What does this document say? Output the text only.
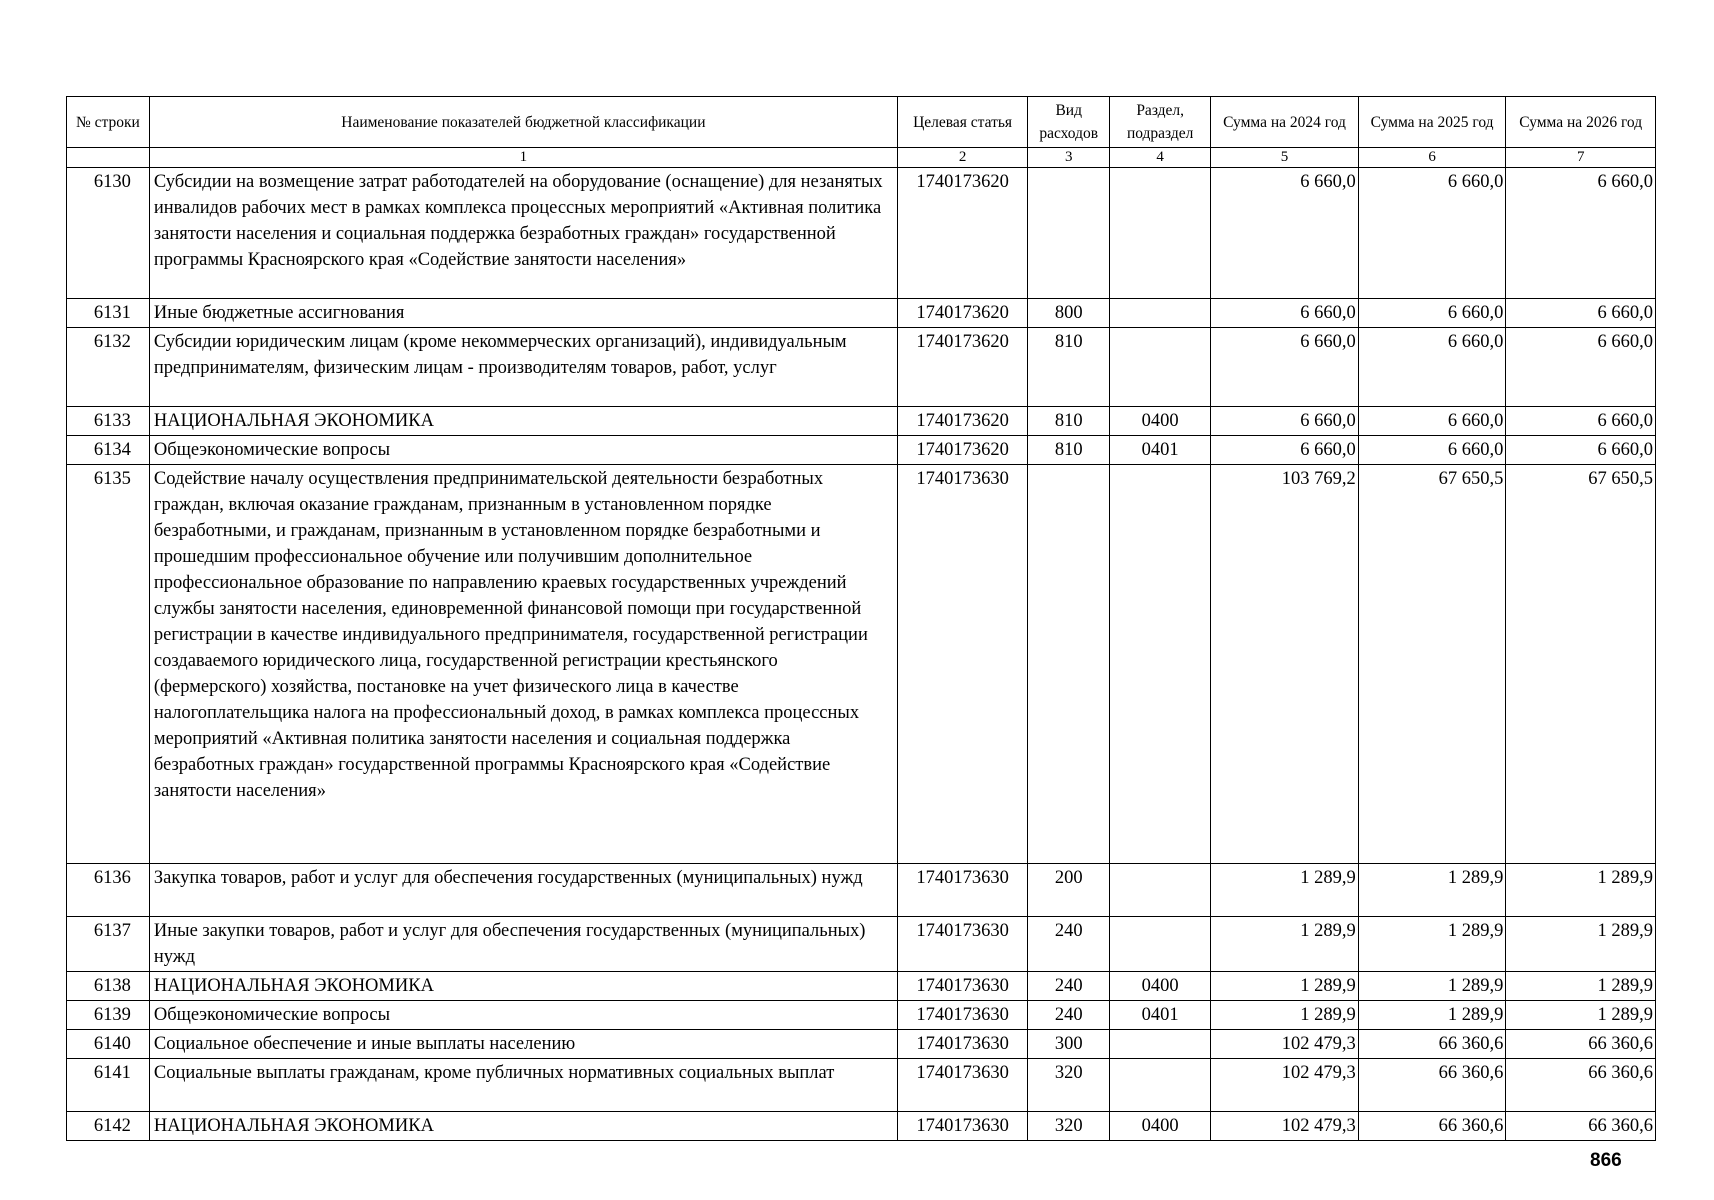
№ строки	Наименование показателей бюджетной классификации	Целевая статья	Вид расходов	Раздел, подраздел	Сумма на 2024 год	Сумма на 2025 год	Сумма на 2026 год
	1	2	3	4	5	6	7
6130	Субсидии на возмещение затрат работодателей на оборудование (оснащение) для незанятых инвалидов рабочих мест в рамках комплекса процессных мероприятий «Активная политика занятости населения и социальная поддержка безработных граждан» государственной программы Красноярского края «Содействие занятости населения»	1740173620			6 660,0	6 660,0	6 660,0
6131	Иные бюджетные ассигнования	1740173620	800		6 660,0	6 660,0	6 660,0
6132	Субсидии юридическим лицам (кроме некоммерческих организаций), индивидуальным предпринимателям, физическим лицам - производителям товаров, работ, услуг	1740173620	810		6 660,0	6 660,0	6 660,0
6133	НАЦИОНАЛЬНАЯ ЭКОНОМИКА	1740173620	810	0400	6 660,0	6 660,0	6 660,0
6134	Общеэкономические вопросы	1740173620	810	0401	6 660,0	6 660,0	6 660,0
6135	Содействие началу осуществления предпринимательской деятельности безработных граждан, включая оказание гражданам, признанным в установленном порядке безработными, и гражданам, признанным в установленном порядке безработными и прошедшим профессиональное обучение или получившим дополнительное профессиональное образование по направлению краевых государственных учреждений службы занятости населения, единовременной финансовой помощи при государственной регистрации в качестве индивидуального предпринимателя, государственной регистрации создаваемого юридического лица, государственной регистрации крестьянского (фермерского) хозяйства, постановке на учет физического лица в качестве налогоплательщика налога на профессиональный доход, в рамках комплекса процессных мероприятий «Активная политика занятости населения и социальная поддержка безработных граждан» государственной программы Красноярского края «Содействие занятости населения»	1740173630			103 769,2	67 650,5	67 650,5
6136	Закупка товаров, работ и услуг для обеспечения государственных (муниципальных) нужд	1740173630	200		1 289,9	1 289,9	1 289,9
6137	Иные закупки товаров, работ и услуг для обеспечения государственных (муниципальных) нужд	1740173630	240		1 289,9	1 289,9	1 289,9
6138	НАЦИОНАЛЬНАЯ ЭКОНОМИКА	1740173630	240	0400	1 289,9	1 289,9	1 289,9
6139	Общеэкономические вопросы	1740173630	240	0401	1 289,9	1 289,9	1 289,9
6140	Социальное обеспечение и иные выплаты населению	1740173630	300		102 479,3	66 360,6	66 360,6
6141	Социальные выплаты гражданам, кроме публичных нормативных социальных выплат	1740173630	320		102 479,3	66 360,6	66 360,6
6142	НАЦИОНАЛЬНАЯ ЭКОНОМИКА	1740173630	320	0400	102 479,3	66 360,6	66 360,6
866
